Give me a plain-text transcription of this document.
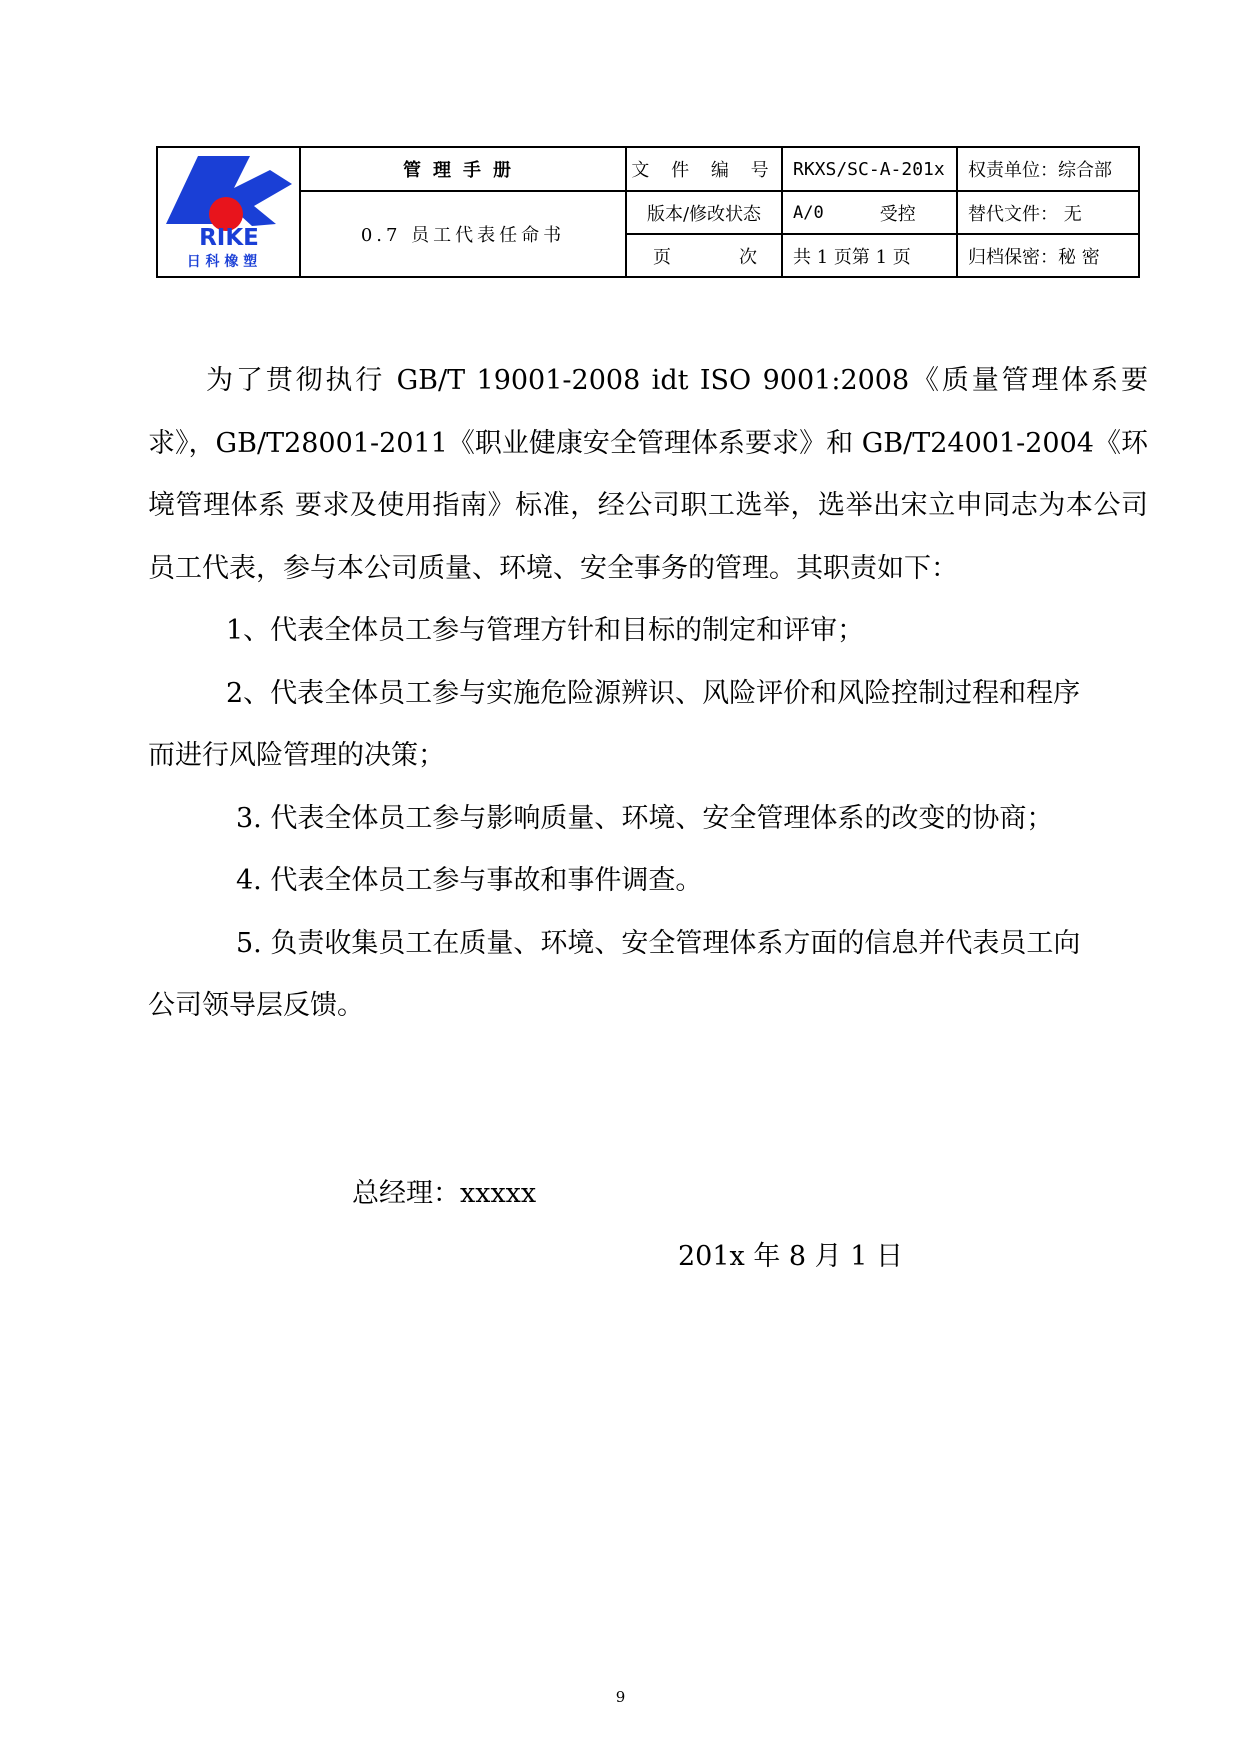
RIKE
日 科 橡 塑
管理手册
0.7 员工代表任命书
文 件 编 号
版本/修改状态
页	次
RKXS/SC-A-201x
A/0	受控
共 1 页第 1 页
权责单位：综合部
替代文件： 无
归档保密：秘 密

为了贯彻执行 GB/T 19001-2008 idt ISO 9001:2008《质量管理体系要求》，GB/T28001-2011《职业健康安全管理体系要求》和 GB/T24001-2004《环境管理体系 要求及使用指南》标准，经公司职工选举，选举出宋立申同志为本公司员工代表，参与本公司质量、环境、安全事务的管理。其职责如下：

1、代表全体员工参与管理方针和目标的制定和评审；

2、代表全体员工参与实施危险源辨识、风险评价和风险控制过程和程序

而进行风险管理的决策；

3. 代表全体员工参与影响质量、环境、安全管理体系的改变的协商；

4. 代表全体员工参与事故和事件调查。

5. 负责收集员工在质量、环境、安全管理体系方面的信息并代表员工向

公司领导层反馈。

总经理：xxxxx
201x 年 8 月 1 日
9
